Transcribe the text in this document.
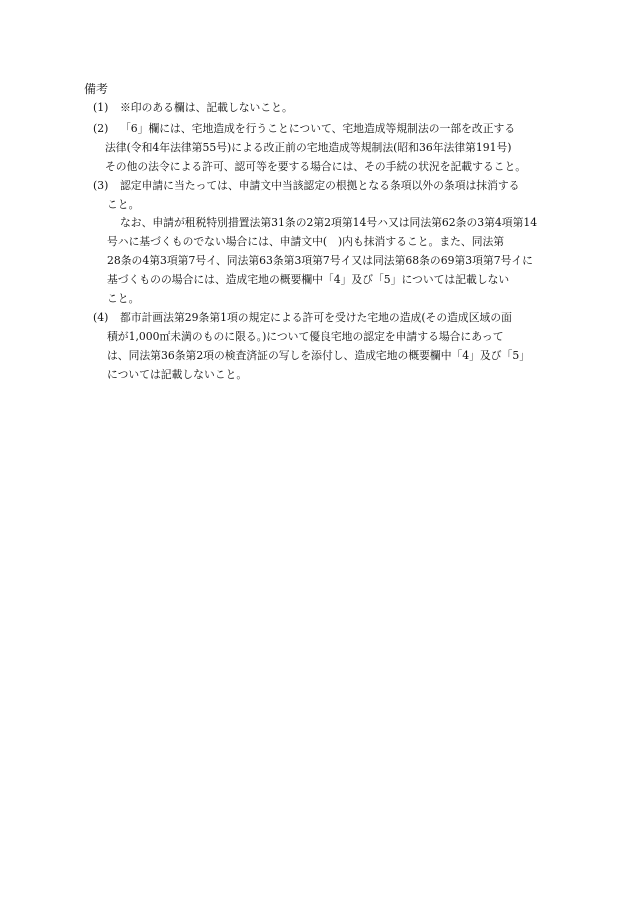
備考
(1) ※印のある欄は、記載しないこと。
(2) 「6」欄には、宅地造成を行うことについて、宅地造成等規制法の一部を改正する
法律(令和4年法律第55号)による改正前の宅地造成等規制法(昭和36年法律第191号)
その他の法令による許可、認可等を要する場合には、その手続の状況を記載すること。
(3) 認定申請に当たっては、申請文中当該認定の根拠となる条項以外の条項は抹消する
こと。
なお、申請が租税特別措置法第31条の2第2項第14号ハ又は同法第62条の3第4項第14
号ハに基づくものでない場合には、申請文中(　)内も抹消すること。また、同法第
28条の4第3項第7号イ、同法第63条第3項第7号イ又は同法第68条の69第3項第7号イに
基づくものの場合には、造成宅地の概要欄中「4」及び「5」については記載しない
こと。
(4) 都市計画法第29条第1項の規定による許可を受けた宅地の造成(その造成区域の面
積が1,000㎡未満のものに限る。)について優良宅地の認定を申請する場合にあって
は、同法第36条第2項の検査済証の写しを添付し、造成宅地の概要欄中「4」及び「5」
については記載しないこと。
